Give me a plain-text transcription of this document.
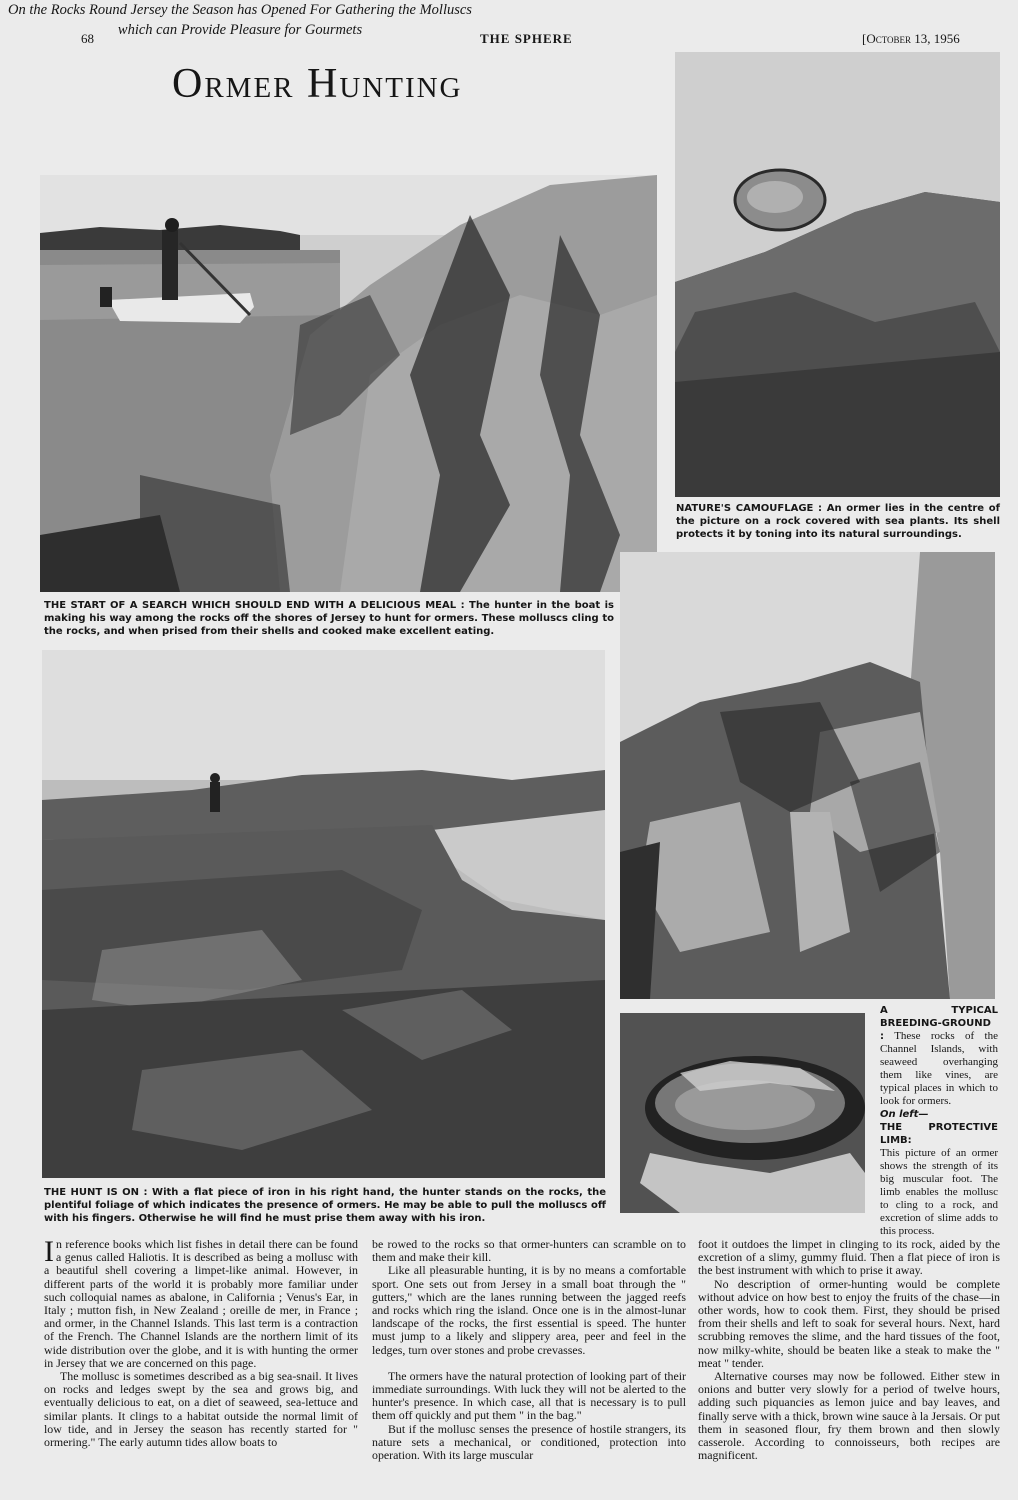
68	THE SPHERE	[October 13, 1956
Ormer Hunting
On the Rocks Round Jersey the Season has Opened For Gathering the Molluscs which can Provide Pleasure for Gourmets
THE START OF A SEARCH WHICH SHOULD END WITH A DELICIOUS MEAL : The hunter in the boat is making his way among the rocks off the shores of Jersey to hunt for ormers. These molluscs cling to the rocks, and when prised from their shells and cooked make excellent eating.
NATURE'S CAMOUFLAGE : An ormer lies in the centre of the picture on a rock covered with sea plants. Its shell protects it by toning into its natural surroundings.
THE HUNT IS ON : With a flat piece of iron in his right hand, the hunter stands on the rocks, the plentiful foliage of which indicates the presence of ormers. He may be able to pull the molluscs off with his fingers. Otherwise he will find he must prise them away with his iron.
A TYPICAL BREEDING-GROUND : These rocks of the Channel Islands, with seaweed overhanging them like vines, are typical places in which to look for ormers.
On left—
THE PROTECTIVE LIMB:
This picture of an ormer shows the strength of its big muscular foot. The limb enables the mollusc to cling to a rock, and excretion of slime adds to this process.

In reference books which list fishes in detail there can be found a genus called Haliotis. It is described as being a mollusc with a beautiful shell covering a limpet-like animal. However, in different parts of the world it is probably more familiar under such colloquial names as abalone, in California ; Venus's Ear, in Italy ; mutton fish, in New Zealand ; oreille de mer, in France ; and ormer, in the Channel Islands. This last term is a contraction of the French. The Channel Islands are the northern limit of its wide distribution over the globe, and it is with hunting the ormer in Jersey that we are concerned on this page.

The mollusc is sometimes described as a big sea-snail. It lives on rocks and ledges swept by the sea and grows big, and eventually delicious to eat, on a diet of seaweed, sea-lettuce and similar plants. It clings to a habitat outside the normal limit of low tide, and in Jersey the season has recently started for " ormering." The early autumn tides allow boats to

be rowed to the rocks so that ormer-hunters can scramble on to them and make their kill.

Like all pleasurable hunting, it is by no means a comfortable sport. One sets out from Jersey in a small boat through the " gutters," which are the lanes running between the jagged reefs and rocks which ring the island. Once one is in the almost-lunar landscape of the rocks, the first essential is speed. The hunter must jump to a likely and slippery area, peer and feel in the ledges, turn over stones and probe crevasses.

The ormers have the natural protection of looking part of their immediate surroundings. With luck they will not be alerted to the hunter's presence. In which case, all that is necessary is to pull them off quickly and put them " in the bag."

But if the mollusc senses the presence of hostile strangers, its nature sets a mechanical, or conditioned, protection into operation. With its large muscular

foot it outdoes the limpet in clinging to its rock, aided by the excretion of a slimy, gummy fluid. Then a flat piece of iron is the best instrument with which to prise it away.

No description of ormer-hunting would be complete without advice on how best to enjoy the fruits of the chase—in other words, how to cook them. First, they should be prised from their shells and left to soak for several hours. Next, hard scrubbing removes the slime, and the hard tissues of the foot, now milky-white, should be beaten like a steak to make the " meat " tender.

Alternative courses may now be followed. Either stew in onions and butter very slowly for a period of twelve hours, adding such piquancies as lemon juice and bay leaves, and finally serve with a thick, brown wine sauce à la Jersais. Or put them in seasoned flour, fry them brown and then slowly casserole. According to connoisseurs, both recipes are magnificent.
